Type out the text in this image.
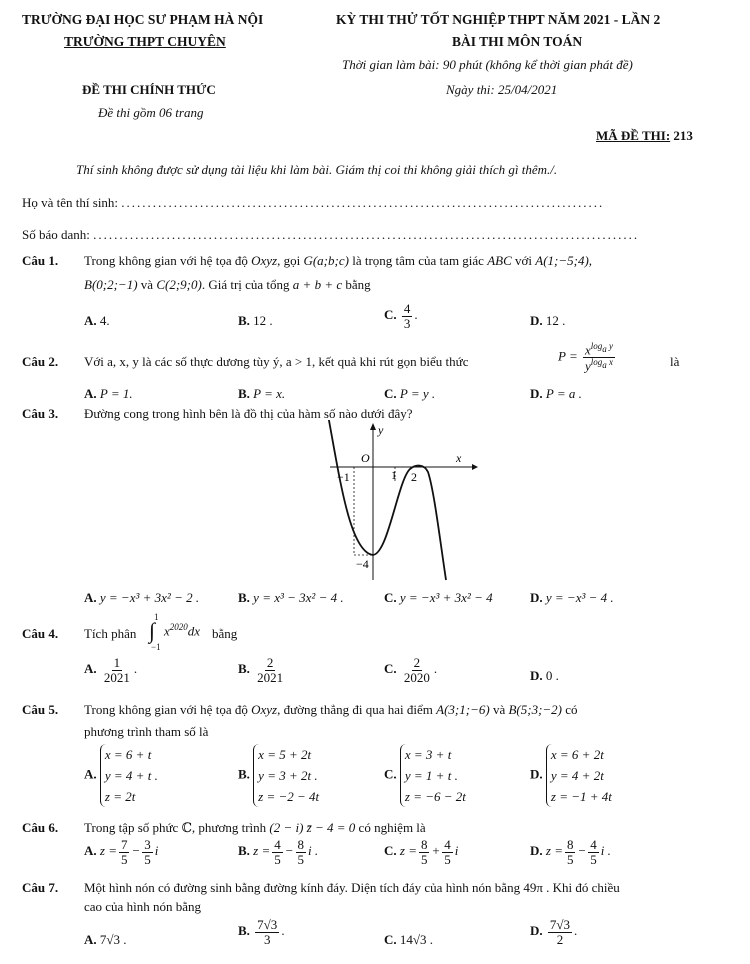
TRƯỜNG ĐẠI HỌC SƯ PHẠM HÀ NỘI
TRƯỜNG THPT CHUYÊN
KỲ THI THỬ TỐT NGHIỆP THPT NĂM 2021 - LẦN 2
BÀI THI MÔN TOÁN
Thời gian làm bài: 90 phút (không kể thời gian phát đề)
ĐỀ THI CHÍNH THỨC	Ngày thi: 25/04/2021
Đề thi gồm 06 trang
MÃ ĐỀ THI: 213
Thí sinh không được sử dụng tài liệu khi làm bài. Giám thị coi thi không giải thích gì thêm./.
Họ và tên thí sinh: ............................................................................................
Số báo danh: ........................................................................................................
Câu 1. Trong không gian với hệ tọa độ Oxyz, gọi G(a;b;c) là trọng tâm của tam giác ABC với A(1;−5;4),
B(0;2;−1) và C(2;9;0). Giá trị của tổng a + b + c bằng
A. 4.	B. 12 .	C. $\frac{4}{3}$ .	D. 12 .
Câu 2. Với a, x, y là các số thực dương tùy ý, a > 1, kết quả khi rút gọn biểu thức	$P = \frac{x^{log_a y}}{y^{log_a x}}$	là
A. P = 1.	B. P = x.	C. P = y .	D. P = a .
Câu 3. Đường cong trong hình bên là đồ thị của hàm số nào dưới đây?
y
x
O
−1	1 2
−4
A. y = −x³ + 3x² − 2 .	B. y = x³ − 3x² − 4 .	C. y = −x³ + 3x² − 4	D. y = −x³ − 4 .
Câu 4. Tích phân
1
∫
−1
$x^{2020}dx$ bằng
A. $\frac{1}{2021}$ .	B. $\frac{2}{2021}$	C. $\frac{2}{2020}$ .	D. 0 .
Câu 5. Trong không gian với hệ tọa độ Oxyz, đường thẳng đi qua hai điểm A(3;1;−6) và B(5;3;−2) có
phương trình tham số là
A. x = 6 + t
y = 4 + t .
z = 2t
B. x = 5 + 2t
y = 3 + 2t .
z = −2 − 4t
C. x = 3 + t
y = 1 + t .
z = −6 − 2t
D. x = 6 + 2t
y = 4 + 2t
z = −1 + 4t
Câu 6. Trong tập số phức ℂ, phương trình (2 − i) z̄ − 4 = 0 có nghiệm là
A. $z = \frac{7}{5} - \frac{3}{5}$ i	B. $z = \frac{4}{5} - \frac{8}{5}$ i .	C. $z = \frac{8}{5} + \frac{4}{5}$ i	D. $z = \frac{8}{5} - \frac{4}{5}$ i .
Câu 7. Một hình nón có đường sinh bằng đường kính đáy. Diện tích đáy của hình nón bằng 49π . Khi đó chiều
cao của hình nón bằng
A. 7√3 .
B. $\frac{7√3}{3}$ .
C. 14√3 .
D. $\frac{7√3}{2}$ .
